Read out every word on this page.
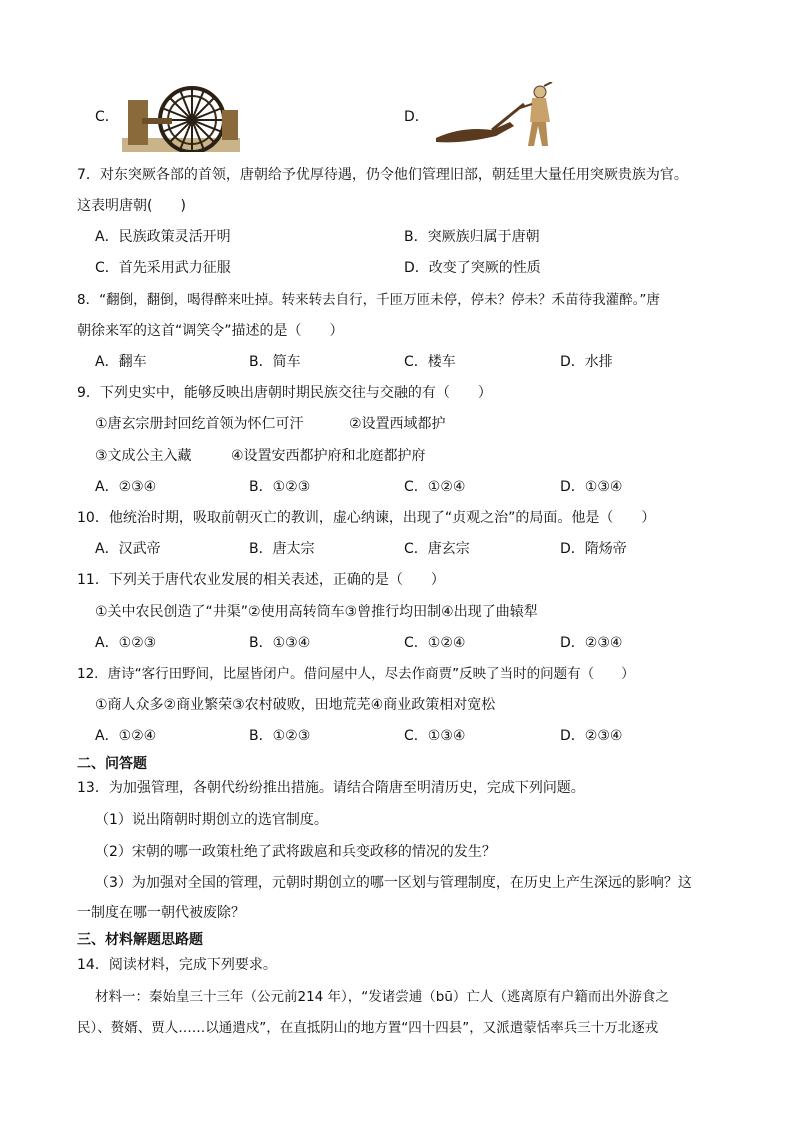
C．	D．
7．对东突厥各部的首领，唐朝给予优厚待遇，仍令他们管理旧部，朝廷里大量任用突厥贵族为官。
这表明唐朝(　　)
A．民族政策灵活开明	B．突厥族归属于唐朝
C．首先采用武力征服	D．改变了突厥的性质
8．“翻倒，翻倒，喝得醉来吐掉。转来转去自行，千匝万匝未停，停未？停未？禾苗待我灌醉。”唐
朝徐来军的这首“调笑令”描述的是（　　）
A．翻车	B．简车	C．楼车	D．水排
9．下列史实中，能够反映出唐朝时期民族交往与交融的有（　　）
①唐玄宗册封回纥首领为怀仁可汗	②设置西域都护
③文成公主入藏	④设置安西都护府和北庭都护府
A．②③④	B．①②③	C．①②④	D．①③④
10．他统治时期，吸取前朝灭亡的教训，虚心纳谏，出现了“贞观之治”的局面。他是（　　）
A．汉武帝	B．唐太宗	C．唐玄宗	D．隋炀帝
11．下列关于唐代农业发展的相关表述，正确的是（　　）
①关中农民创造了“井渠”②使用高转筒车③曾推行均田制④出现了曲辕犁
A．①②③	B．①③④	C．①②④	D．②③④
12．唐诗“客行田野间，比屋皆闭户。借问屋中人，尽去作商贾”反映了当时的问题有（　　）
①商人众多②商业繁荣③农村破败，田地荒芜④商业政策相对宽松
A．①②④	B．①②③	C．①③④	D．②③④
二、问答题
13．为加强管理，各朝代纷纷推出措施。请结合隋唐至明清历史，完成下列问题。
（1）说出隋朝时期创立的选官制度。
（2）宋朝的哪一政策杜绝了武将跋扈和兵变政移的情况的发生？
（3）为加强对全国的管理，元朝时期创立的哪一区划与管理制度，在历史上产生深远的影响？这
一制度在哪一朝代被废除？
三、材料解题思路题
14．阅读材料，完成下列要求。
材料一：秦始皇三十三年（公元前214 年），“发诸尝逋（bū）亡人（逃离原有户籍而出外游食之
民）、赘婿、贾人……以通遣戍”，在直抵阴山的地方置“四十四县”，又派遣蒙恬率兵三十万北逐戎
